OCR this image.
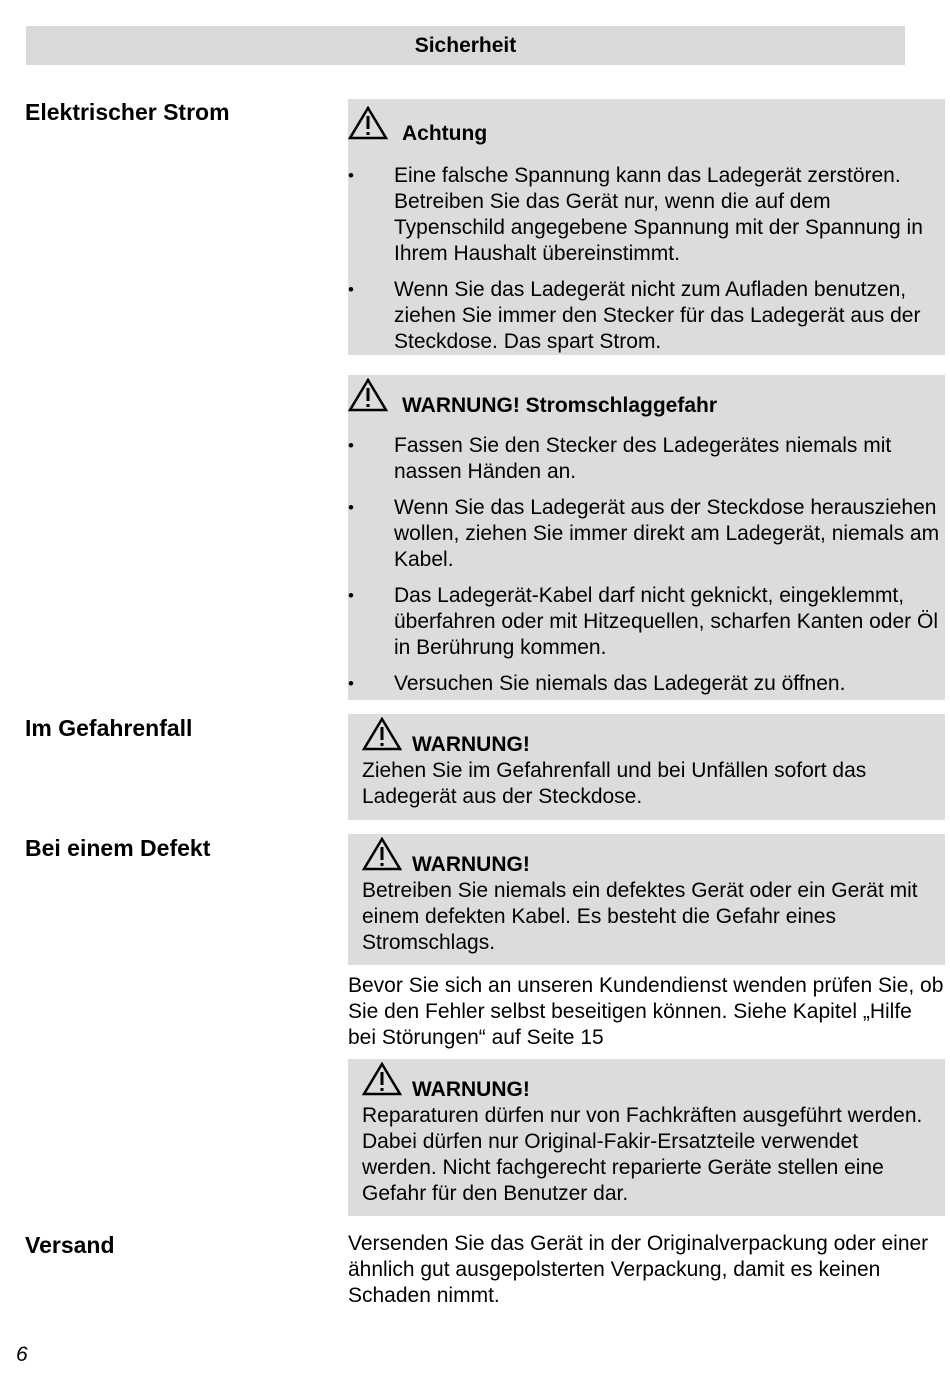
Sicherheit
Elektrischer Strom
Im Gefahrenfall
Bei einem Defekt
Versand
Achtung
• Eine falsche Spannung kann das Ladegerät zerstören. Betreiben Sie das Gerät nur, wenn die auf dem Typenschild angegebene Spannung mit der Spannung in Ihrem Haushalt übereinstimmt.
• Wenn Sie das Ladegerät nicht zum Aufladen benutzen, ziehen Sie immer den Stecker für das Ladegerät aus der Steckdose. Das spart Strom.
WARNUNG! Stromschlaggefahr
• Fassen Sie den Stecker des Ladegerätes niemals mit nassen Händen an.
• Wenn Sie das Ladegerät aus der Steckdose herausziehen wollen, ziehen Sie immer direkt am Ladegerät, niemals am Kabel.
• Das Ladegerät-Kabel darf nicht geknickt, eingeklemmt, überfahren oder mit Hitzequellen, scharfen Kanten oder Öl in Berührung kommen.
• Versuchen Sie niemals das Ladegerät zu öffnen.
WARNUNG!
Ziehen Sie im Gefahrenfall und bei Unfällen sofort das Ladegerät aus der Steckdose.
WARNUNG!
Betreiben Sie niemals ein defektes Gerät oder ein Gerät mit einem defekten Kabel. Es besteht die Gefahr eines Stromschlags.
Bevor Sie sich an unseren Kundendienst wenden prüfen Sie, ob Sie den Fehler selbst beseitigen können. Siehe Kapitel „Hilfe bei Störungen“ auf Seite 15
WARNUNG!
Reparaturen dürfen nur von Fachkräften ausgeführt werden. Dabei dürfen nur Original-Fakir-Ersatzteile verwendet werden. Nicht fachgerecht reparierte Geräte stellen eine Gefahr für den Benutzer dar.
Versenden Sie das Gerät in der Originalverpackung oder einer ähnlich gut ausgepolsterten Verpackung, damit es keinen Schaden nimmt.
6
